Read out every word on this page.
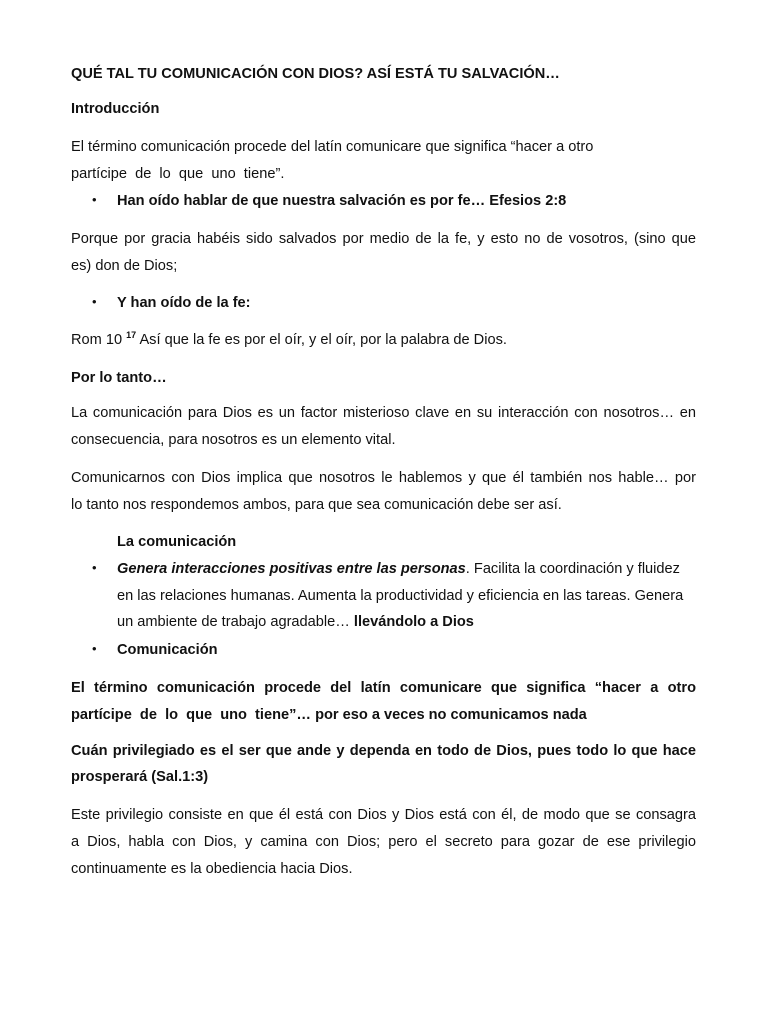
QUÉ TAL TU COMUNICACIÓN CON DIOS? ASÍ ESTÁ TU SALVACIÓN…
Introducción
El término comunicación procede del latín comunicare que significa “hacer a otro
partícipe  de  lo  que  uno  tiene”.
• Han oído hablar de que nuestra salvación es por fe… Efesios 2:8
Porque por gracia habéis sido salvados por medio de la fe, y esto no de vosotros, (sino que
es) don de Dios;
• Y han oído de la fe:
Rom 10 $^{17}$ Así que la fe es por el oír, y el oír, por la palabra de Dios.
Por lo tanto…
La comunicación para Dios es un factor misterioso clave en su interacción con nosotros… en
consecuencia, para nosotros es un elemento vital.
Comunicarnos con Dios implica que nosotros le hablemos y que él también nos hable… por
lo tanto nos respondemos ambos, para que sea comunicación debe ser así.
La comunicación
• Genera interacciones positivas entre las personas. Facilita la coordinación y fluidez
en las relaciones humanas. Aumenta la productividad y eficiencia en las tareas. Genera
un ambiente de trabajo agradable… llevándolo a Dios
• Comunicación
El término comunicación procede del latín comunicare que significa “hacer a otro
partícipe  de  lo  que  uno  tiene”… por eso a veces no comunicamos nada
Cuán privilegiado es el ser que ande y dependa en todo de Dios, pues todo lo que hace
prosperará (Sal.1:3)
Este privilegio consiste en que él está con Dios y Dios está con él, de modo que se consagra
a Dios, habla con Dios, y camina con Dios; pero el secreto para gozar de ese privilegio
continuamente es la obediencia hacia Dios.
